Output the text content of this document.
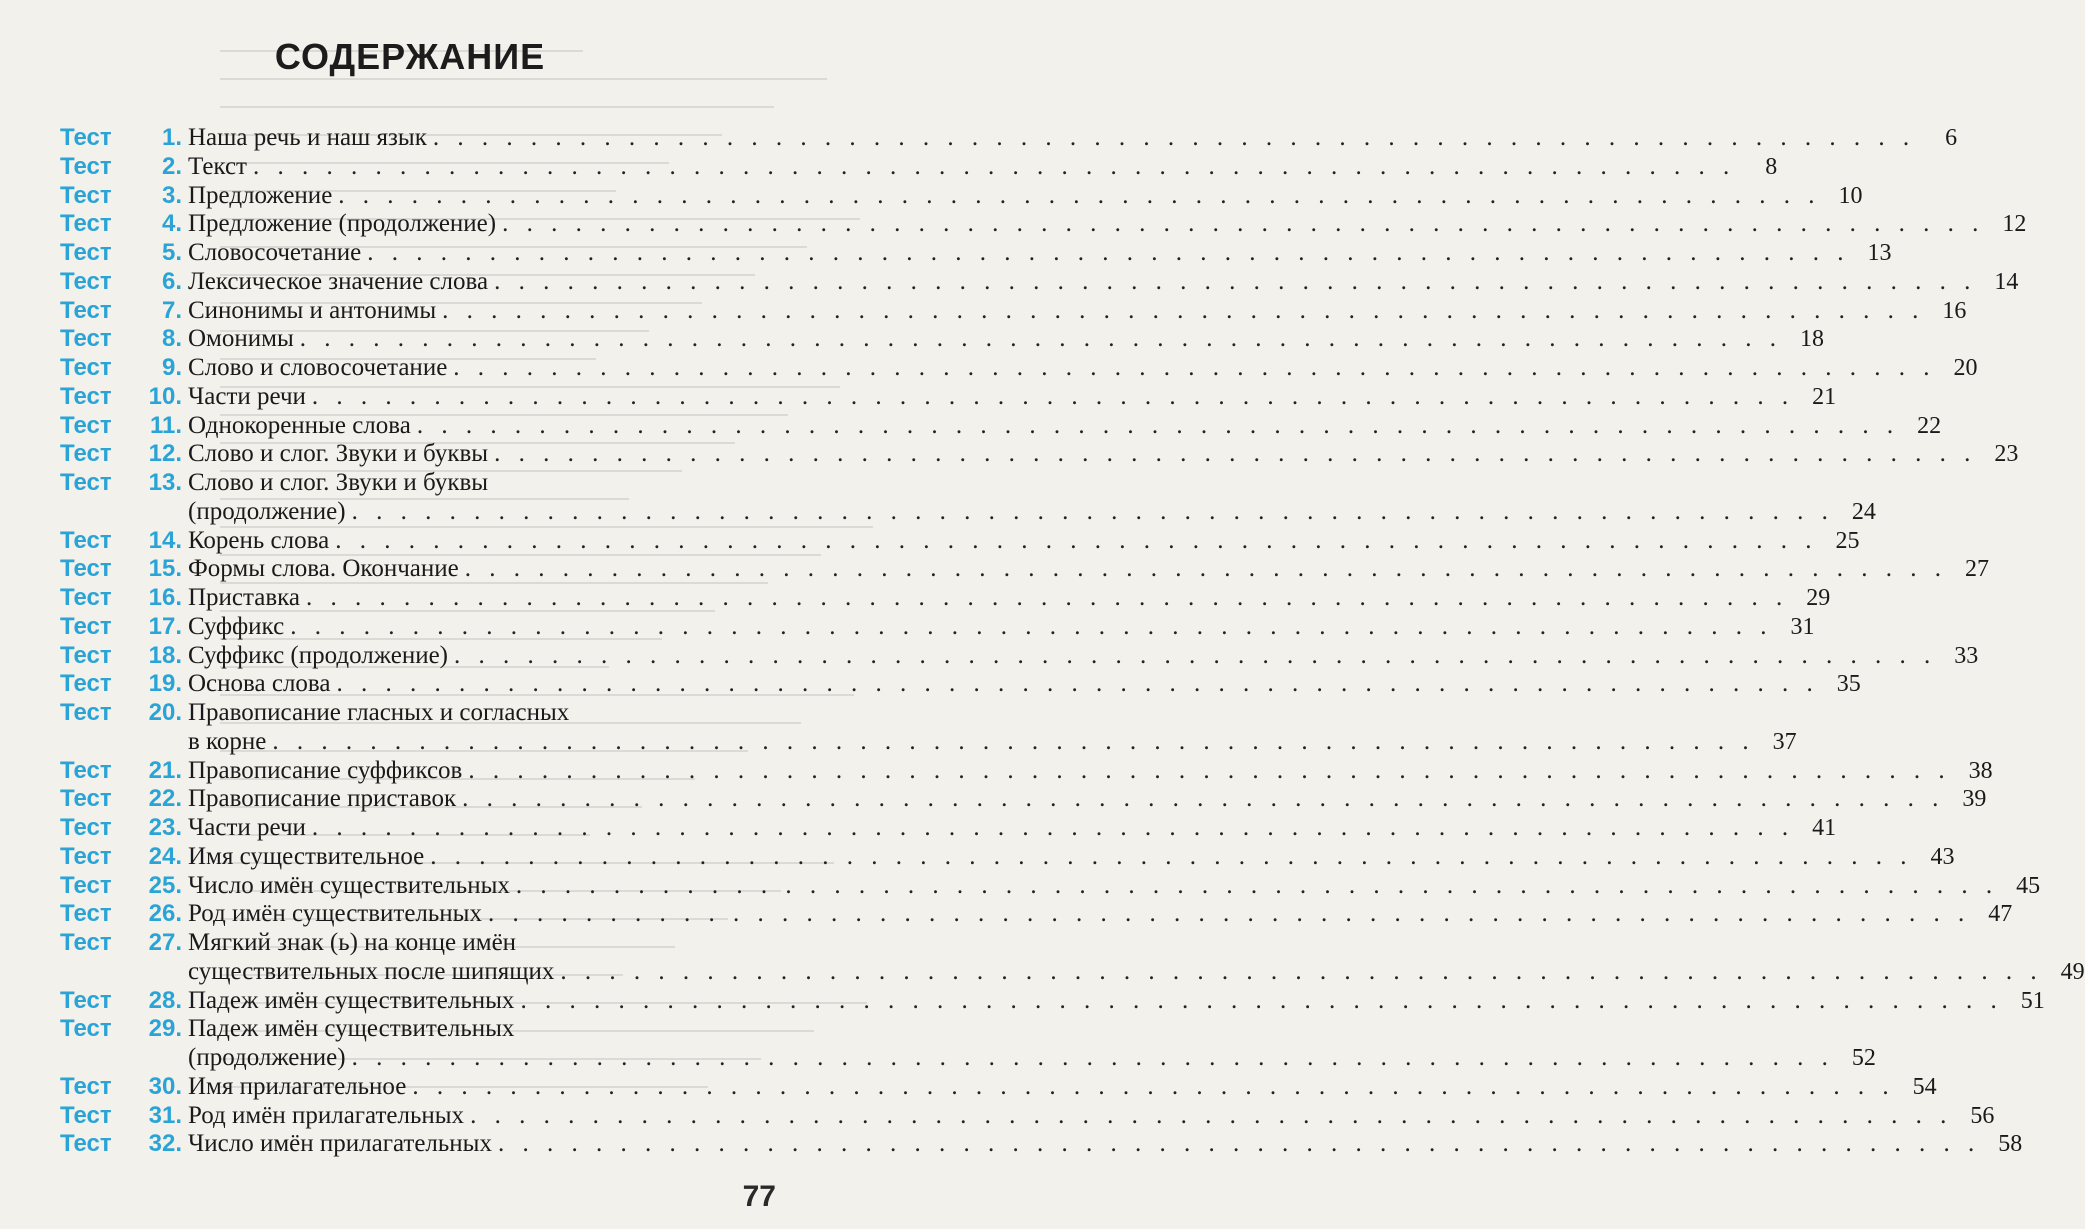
СОДЕРЖАНИЕ
Тест 1. Наша речь и наш язык . . .	6
Тест 2. Текст . . .	8
Тест 3. Предложение . . .	10
Тест 4. Предложение (продолжение) . . .	12
Тест 5. Словосочетание . . .	13
Тест 6. Лексическое значение слова . . .	14
Тест 7. Синонимы и антонимы . . .	16
Тест 8. Омонимы . . .	18
Тест 9. Слово и словосочетание . . .	20
Тест 10. Части речи . . .	21
Тест 11. Однокоренные слова . . .	22
Тест 12. Слово и слог. Звуки и буквы . . .	23
Тест 13. Слово и слог. Звуки и буквы
(продолжение) . . .	24
Тест 14. Корень слова . . .	25
Тест 15. Формы слова. Окончание . . .	27
Тест 16. Приставка . . .	29
Тест 17. Суффикс . . .	31
Тест 18. Суффикс (продолжение) . . .	33
Тест 19. Основа слова . . .	35
Тест 20. Правописание гласных и согласных
в корне . . .	37
Тест 21. Правописание суффиксов . . .	38
Тест 22. Правописание приставок . . .	39
Тест 23. Части речи . . .	41
Тест 24. Имя существительное . . .	43
Тест 25. Число имён существительных . . .	45
Тест 26. Род имён существительных . . .	47
Тест 27. Мягкий знак (ь) на конце имён
существительных после шипящих . . .	49
Тест 28. Падеж имён существительных . . .	51
Тест 29. Падеж имён существительных
(продолжение) . . .	52
Тест 30. Имя прилагательное . . .	54
Тест 31. Род имён прилагательных . . .	56
Тест 32. Число имён прилагательных . . .	58
77
